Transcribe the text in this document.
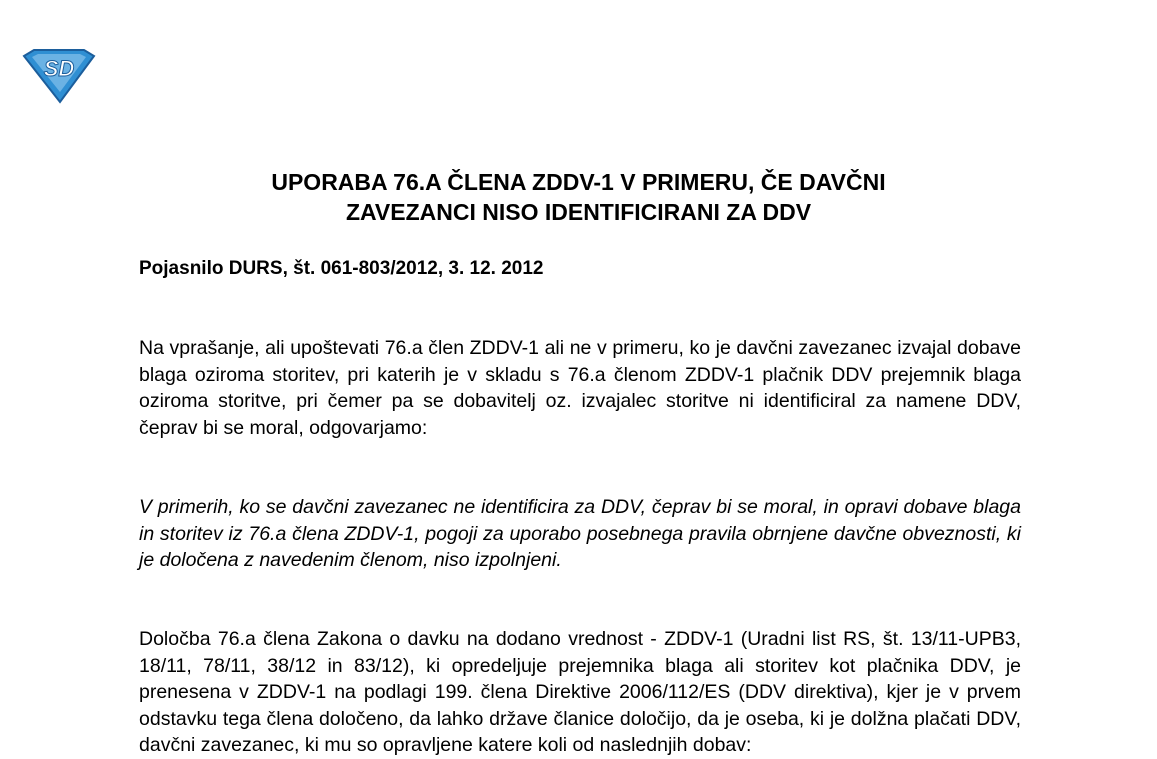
SD
UPORABA 76.A ČLENA ZDDV-1 V PRIMERU, ČE DAVČNI
ZAVEZANCI NISO IDENTIFICIRANI ZA DDV
Pojasnilo DURS, št. 061-803/2012, 3. 12. 2012

Na vprašanje, ali upoštevati 76.a člen ZDDV-1 ali ne v primeru, ko je davčni zavezanec izvajal dobave blaga oziroma storitev, pri katerih je v skladu s 76.a členom ZDDV-1 plačnik DDV prejemnik blaga oziroma storitve, pri čemer pa se dobavitelj oz. izvajalec storitve ni identificiral za namene DDV, čeprav bi se moral, odgovarjamo:

V primerih, ko se davčni zavezanec ne identificira za DDV, čeprav bi se moral, in opravi dobave blaga in storitev iz 76.a člena ZDDV-1, pogoji za uporabo posebnega pravila obrnjene davčne obveznosti, ki je določena z navedenim členom, niso izpolnjeni.

Določba 76.a člena Zakona o davku na dodano vrednost - ZDDV-1 (Uradni list RS, št. 13/11-UPB3, 18/11, 78/11, 38/12 in 83/12), ki opredeljuje prejemnika blaga ali storitev kot plačnika DDV, je prenesena v ZDDV-1 na podlagi 199. člena Direktive 2006/112/ES (DDV direktiva), kjer je v prvem odstavku tega člena določeno, da lahko države članice določijo, da je oseba, ki je dolžna plačati DDV, davčni zavezanec, ki mu so opravljene katere koli od naslednjih dobav:
